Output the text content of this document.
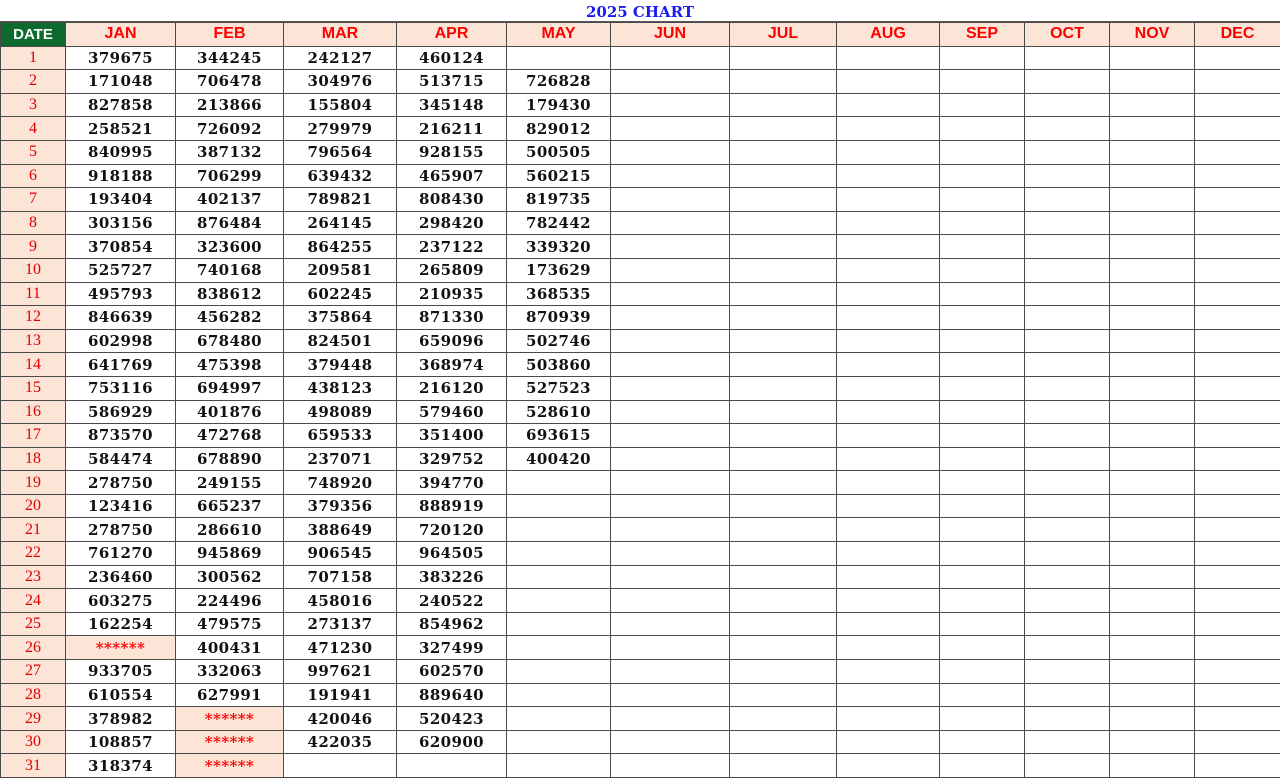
2025 CHART
DATE	JAN	FEB	MAR	APR	MAY	JUN	JUL	AUG	SEP	OCT	NOV	DEC
1	379675	344245	242127	460124								
2	171048	706478	304976	513715	726828							
3	827858	213866	155804	345148	179430							
4	258521	726092	279979	216211	829012							
5	840995	387132	796564	928155	500505							
6	918188	706299	639432	465907	560215							
7	193404	402137	789821	808430	819735							
8	303156	876484	264145	298420	782442							
9	370854	323600	864255	237122	339320							
10	525727	740168	209581	265809	173629							
11	495793	838612	602245	210935	368535							
12	846639	456282	375864	871330	870939							
13	602998	678480	824501	659096	502746							
14	641769	475398	379448	368974	503860							
15	753116	694997	438123	216120	527523							
16	586929	401876	498089	579460	528610							
17	873570	472768	659533	351400	693615							
18	584474	678890	237071	329752	400420							
19	278750	249155	748920	394770								
20	123416	665237	379356	888919								
21	278750	286610	388649	720120								
22	761270	945869	906545	964505								
23	236460	300562	707158	383226								
24	603275	224496	458016	240522								
25	162254	479575	273137	854962								
26	******	400431	471230	327499								
27	933705	332063	997621	602570								
28	610554	627991	191941	889640								
29	378982	******	420046	520423								
30	108857	******	422035	620900								
31	318374	******										
